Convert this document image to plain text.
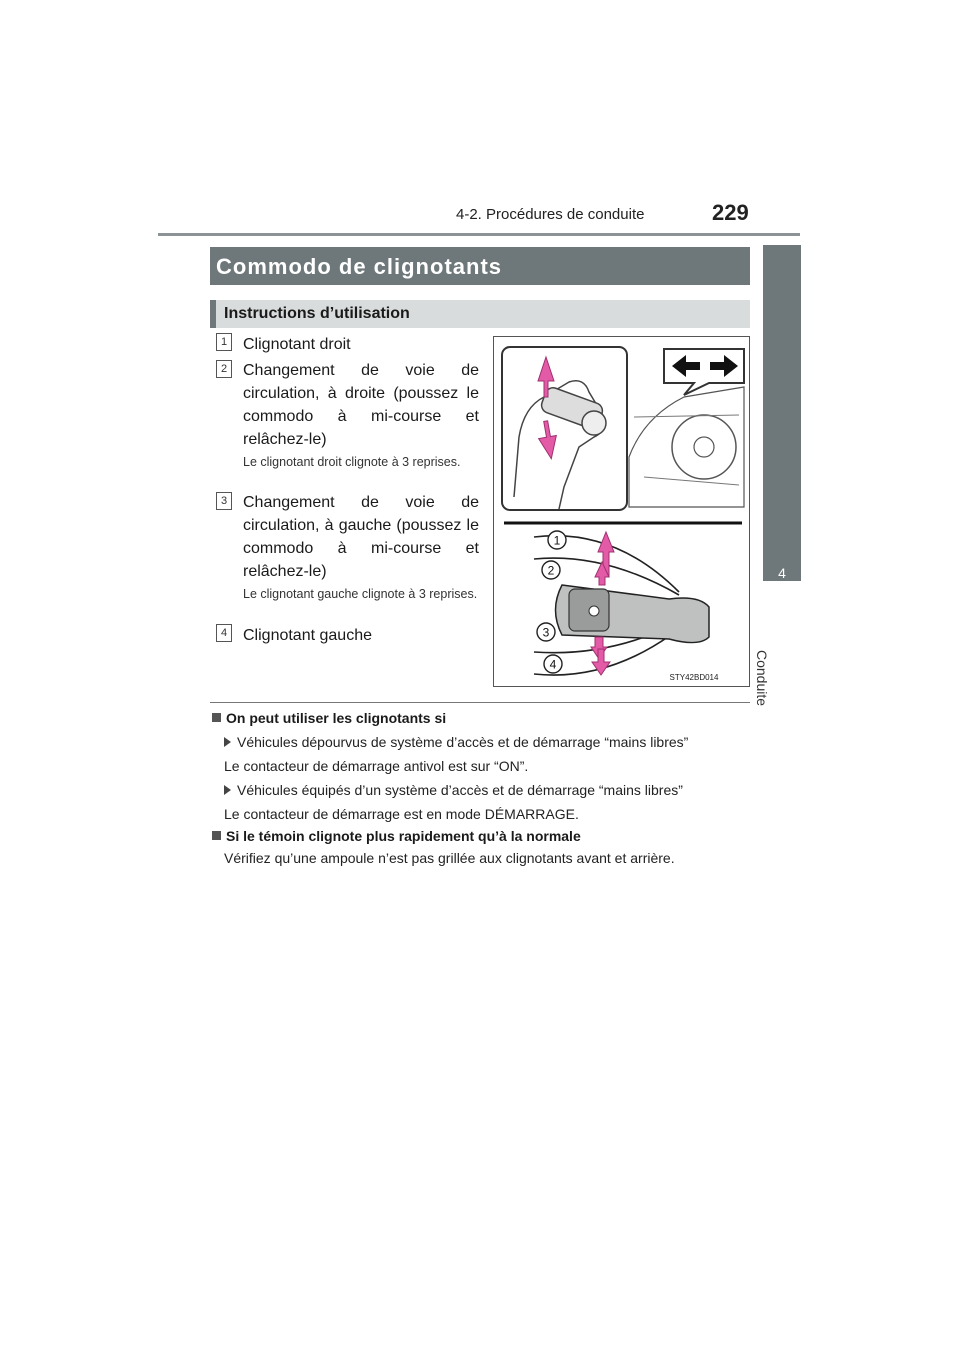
4-2. Procédures de conduite	229
4
Conduite
Commodo de clignotants
Instructions d’utilisation
1 Clignotant droit
2 Changement de voie de circulation, à droite (poussez le commodo à mi-course et relâchez-le)
Le clignotant droit clignote à 3 reprises.
3 Changement de voie de circulation, à gauche (poussez le commodo à mi-course et relâchez-le)
Le clignotant gauche clignote à 3 reprises.
4 Clignotant gauche
1
2
3
4
STY42BD014
On peut utiliser les clignotants si
Véhicules dépourvus de système d’accès et de démarrage “mains libres”
Le contacteur de démarrage antivol est sur “ON”.
Véhicules équipés d’un système d’accès et de démarrage “mains libres”
Le contacteur de démarrage est en mode DÉMARRAGE.
Si le témoin clignote plus rapidement qu’à la normale
Vérifiez qu’une ampoule n’est pas grillée aux clignotants avant et arrière.
